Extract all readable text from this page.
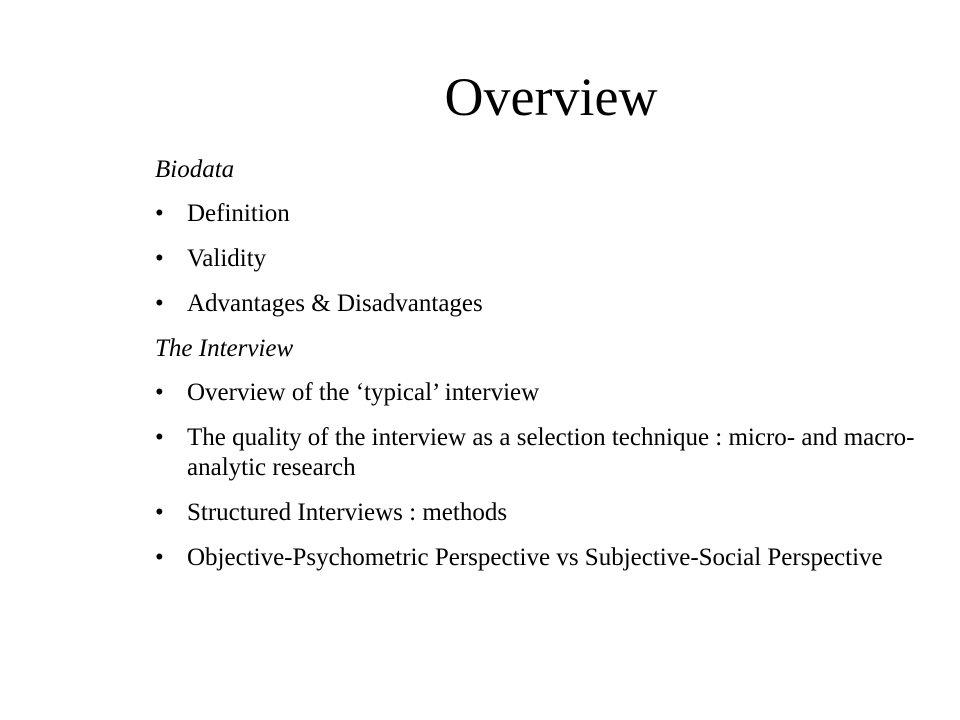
Overview
Biodata
• Definition
• Validity
• Advantages & Disadvantages
The Interview
• Overview of the ‘typical’ interview
• The quality of the interview as a selection technique : micro- and macro-analytic research
• Structured Interviews : methods
• Objective-Psychometric Perspective vs Subjective-Social Perspective
